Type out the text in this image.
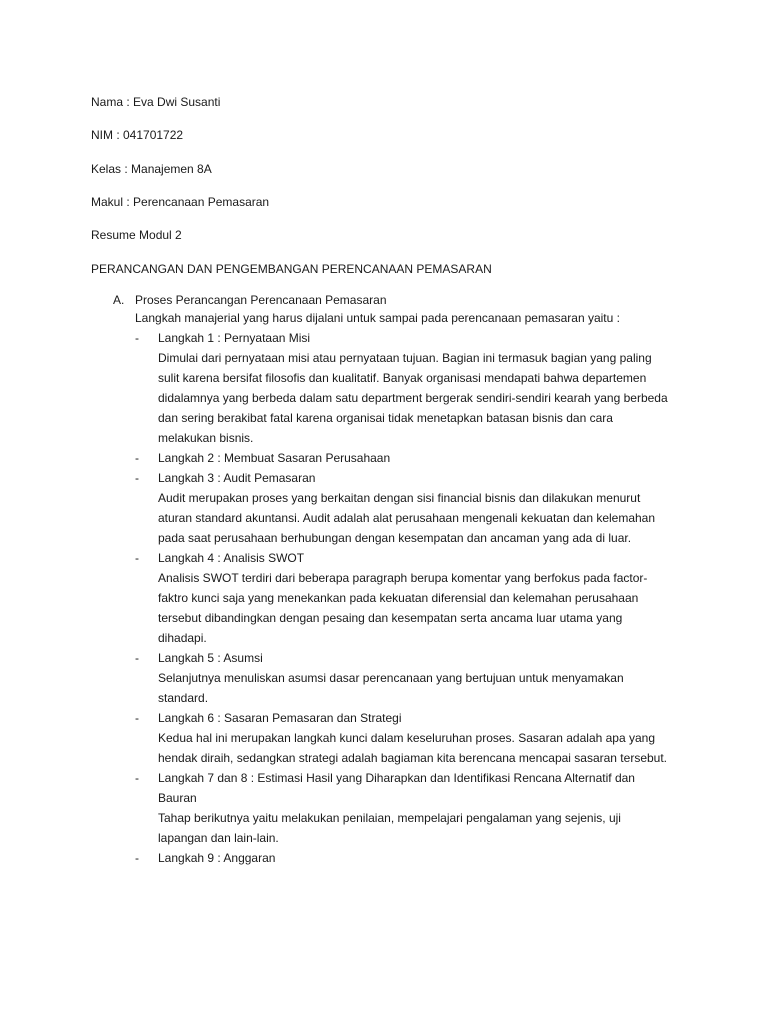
Nama : Eva Dwi Susanti
NIM : 041701722
Kelas : Manajemen 8A
Makul : Perencanaan Pemasaran
Resume Modul 2
PERANCANGAN DAN PENGEMBANGAN PERENCANAAN PEMASARAN
A. Proses Perancangan Perencanaan Pemasaran
Langkah manajerial yang harus dijalani untuk sampai pada perencanaan pemasaran yaitu :
- Langkah 1 : Pernyataan Misi
Dimulai dari pernyataan misi atau pernyataan tujuan. Bagian ini termasuk bagian yang paling sulit karena bersifat filosofis dan kualitatif. Banyak organisasi mendapati bahwa departemen didalamnya yang berbeda dalam satu department bergerak sendiri-sendiri kearah yang berbeda dan sering berakibat fatal karena organisai tidak menetapkan batasan bisnis dan cara melakukan bisnis.
- Langkah 2 : Membuat Sasaran Perusahaan
- Langkah 3 : Audit Pemasaran
Audit merupakan proses yang berkaitan dengan sisi financial bisnis dan dilakukan menurut aturan standard akuntansi. Audit adalah alat perusahaan mengenali kekuatan dan kelemahan pada saat perusahaan berhubungan dengan kesempatan dan ancaman yang ada di luar.
- Langkah 4 : Analisis SWOT
Analisis SWOT terdiri dari beberapa paragraph berupa komentar yang berfokus pada factor-faktro kunci saja yang menekankan pada kekuatan diferensial dan kelemahan perusahaan tersebut dibandingkan dengan pesaing dan kesempatan serta ancama luar utama yang dihadapi.
- Langkah 5 : Asumsi
Selanjutnya menuliskan asumsi dasar perencanaan yang bertujuan untuk menyamakan standard.
- Langkah 6 : Sasaran Pemasaran dan Strategi
Kedua hal ini merupakan langkah kunci dalam keseluruhan proses. Sasaran adalah apa yang hendak diraih, sedangkan strategi adalah bagiaman kita berencana mencapai sasaran tersebut.
- Langkah 7 dan 8 : Estimasi Hasil yang Diharapkan dan Identifikasi Rencana Alternatif dan Bauran
Tahap berikutnya yaitu melakukan penilaian, mempelajari pengalaman yang sejenis, uji lapangan dan lain-lain.
- Langkah 9 : Anggaran
